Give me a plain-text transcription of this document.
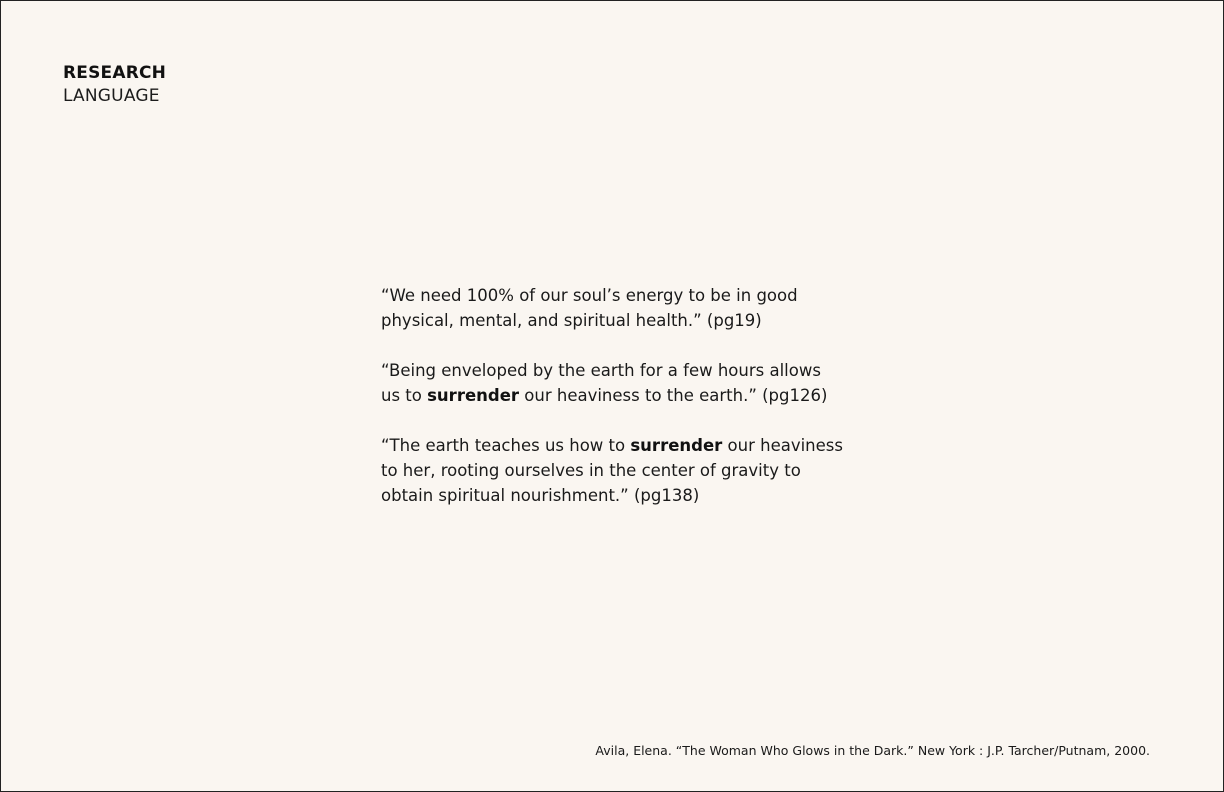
RESEARCH
LANGUAGE

“We need 100% of our soul’s energy to be in good
physical, mental, and spiritual health.” (pg19)

“Being enveloped by the earth for a few hours allows
us to surrender our heaviness to the earth.” (pg126)

“The earth teaches us how to surrender our heaviness
to her, rooting ourselves in the center of gravity to
obtain spiritual nourishment.” (pg138)

Avila, Elena. “The Woman Who Glows in the Dark.” New York : J.P. Tarcher/Putnam, 2000.
